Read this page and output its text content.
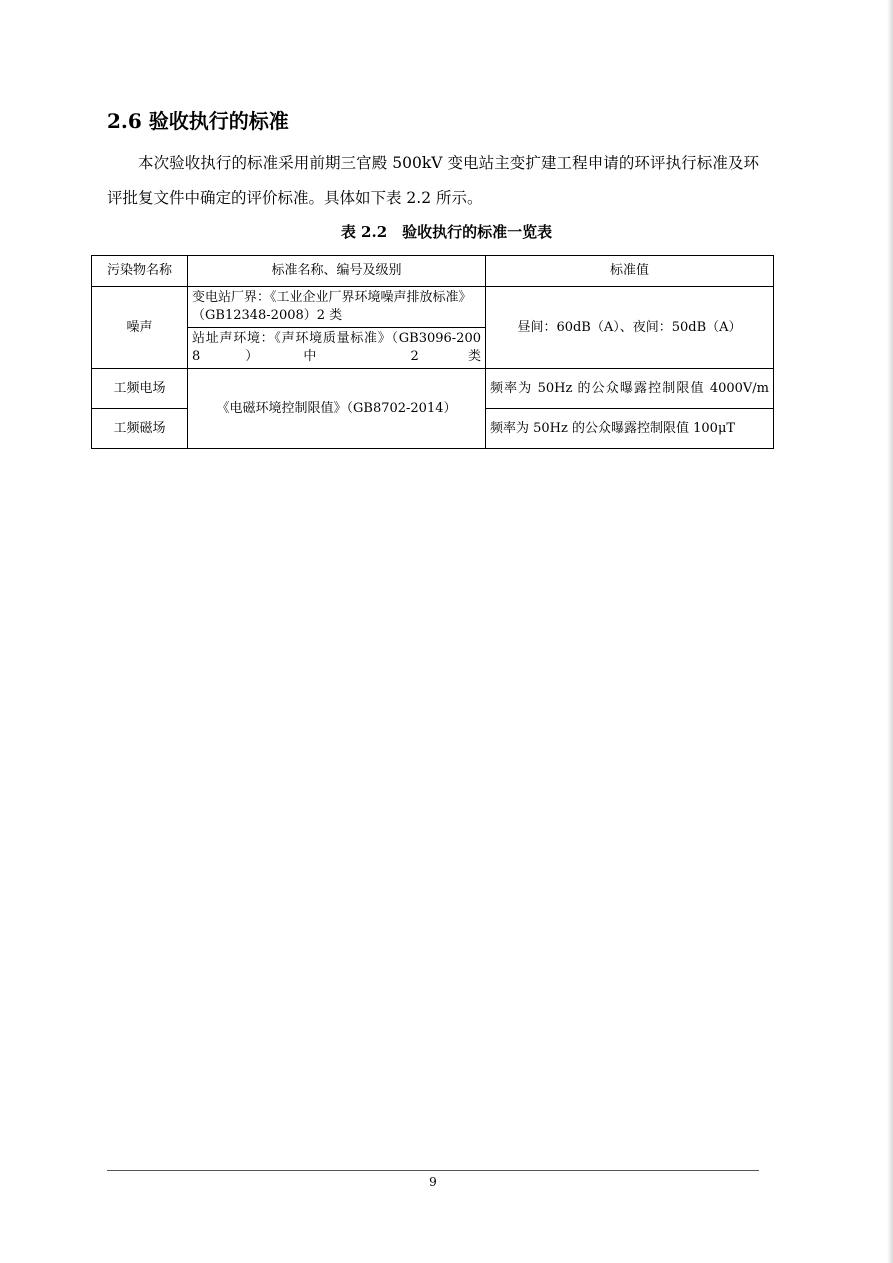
2.6 验收执行的标准

本次验收执行的标准采用前期三官殿 500kV 变电站主变扩建工程申请的环评执行标准及环评批复文件中确定的评价标准。具体如下表 2.2 所示。

表 2.2　验收执行的标准一览表

污染物名称	标准名称、编号及级别	标准值
噪声	变电站厂界：《工业企业厂界环境噪声排放标准》（GB12348-2008）2 类	昼间：60dB（A）、夜间：50dB（A）
	站址声环境：《声环境质量标准》（GB3096-2008）中 2 类	
工频电场	《电磁环境控制限值》（GB8702-2014）	频率为 50Hz 的公众曝露控制限值 4000V/m
工频磁场		频率为 50Hz 的公众曝露控制限值 100μT
9
